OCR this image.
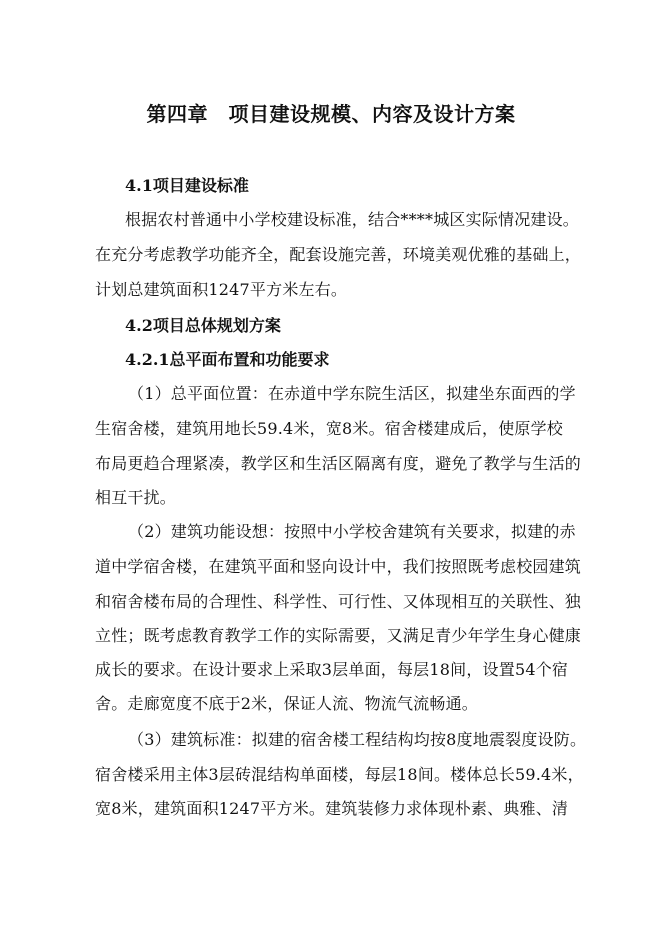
第四章　项目建设规模、内容及设计方案
4.1项目建设标准
根据农村普通中小学校建设标准，结合****城区实际情况建设。
在充分考虑教学功能齐全，配套设施完善，环境美观优雅的基础上，
计划总建筑面积1247平方米左右。
4.2项目总体规划方案
4.2.1总平面布置和功能要求
（1）总平面位置：在赤道中学东院生活区，拟建坐东面西的学
生宿舍楼，建筑用地长59.4米，宽8米。宿舍楼建成后，使原学校
布局更趋合理紧凑，教学区和生活区隔离有度，避免了教学与生活的
相互干扰。
（2）建筑功能设想：按照中小学校舍建筑有关要求，拟建的赤
道中学宿舍楼，在建筑平面和竖向设计中，我们按照既考虑校园建筑
和宿舍楼布局的合理性、科学性、可行性、又体现相互的关联性、独
立性；既考虑教育教学工作的实际需要，又满足青少年学生身心健康
成长的要求。在设计要求上采取3层单面，每层18间，设置54个宿
舍。走廊宽度不底于2米，保证人流、物流气流畅通。
（3）建筑标准：拟建的宿舍楼工程结构均按8度地震裂度设防。
宿舍楼采用主体3层砖混结构单面楼，每层18间。楼体总长59.4米，
宽8米，建筑面积1247平方米。建筑装修力求体现朴素、典雅、清
